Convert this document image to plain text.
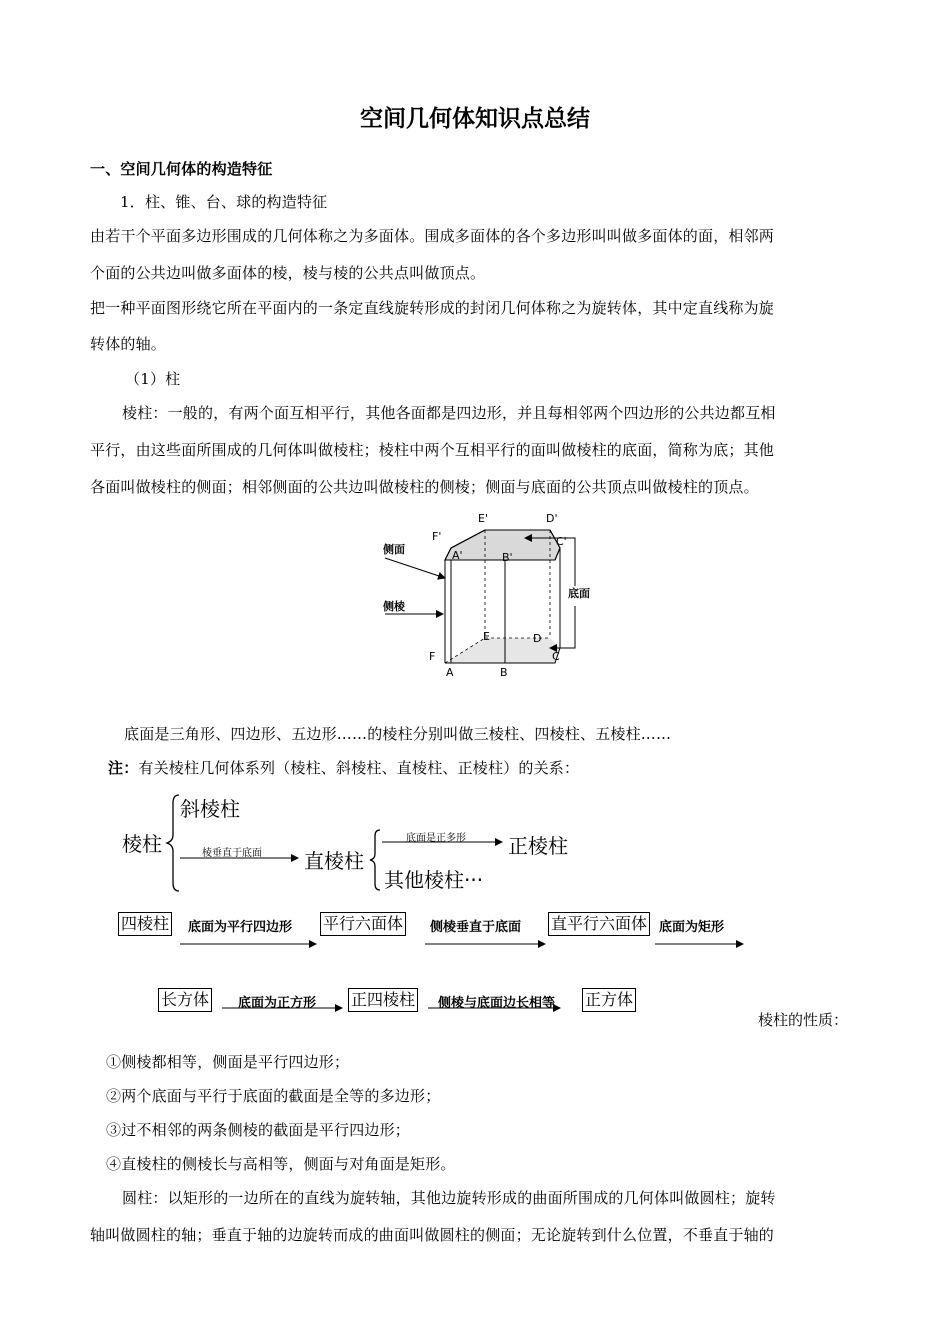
空间几何体知识点总结
一、空间几何体的构造特征
1．柱、锥、台、球的构造特征
由若干个平面多边形围成的几何体称之为多面体。围成多面体的各个多边形叫叫做多面体的面，相邻两
个面的公共边叫做多面体的棱，棱与棱的公共点叫做顶点。
把一种平面图形绕它所在平面内的一条定直线旋转形成的封闭几何体称之为旋转体，其中定直线称为旋
转体的轴。
（1）柱
棱柱：一般的，有两个面互相平行，其他各面都是四边形，并且每相邻两个四边形的公共边都互相
平行，由这些面所围成的几何体叫做棱柱；棱柱中两个互相平行的面叫做棱柱的底面，简称为底；其他
各面叫做棱柱的侧面；相邻侧面的公共边叫做棱柱的侧棱；侧面与底面的公共顶点叫做棱柱的顶点。
侧面
侧棱
底面
E'	D'
F'
A'	B'
C'
E	D
F	C
A	B
底面是三角形、四边形、五边形……的棱柱分别叫做三棱柱、四棱柱、五棱柱……
注：有关棱柱几何体系列（棱柱、斜棱柱、直棱柱、正棱柱）的关系：
棱柱
斜棱柱
棱垂直于底面 直棱柱
底面是正多形 正棱柱
其他棱柱···
四棱柱 底面为平行四边形 平行六面体 侧棱垂直于底面 直平行六面体 底面为矩形
长方体 底面为正方形 正四棱柱 侧棱与底面边长相等 正方体
棱柱的性质：
①侧棱都相等，侧面是平行四边形；
②两个底面与平行于底面的截面是全等的多边形；
③过不相邻的两条侧棱的截面是平行四边形；
④直棱柱的侧棱长与高相等，侧面与对角面是矩形。
圆柱：以矩形的一边所在的直线为旋转轴，其他边旋转形成的曲面所围成的几何体叫做圆柱；旋转
轴叫做圆柱的轴；垂直于轴的边旋转而成的曲面叫做圆柱的侧面；无论旋转到什么位置，不垂直于轴的
